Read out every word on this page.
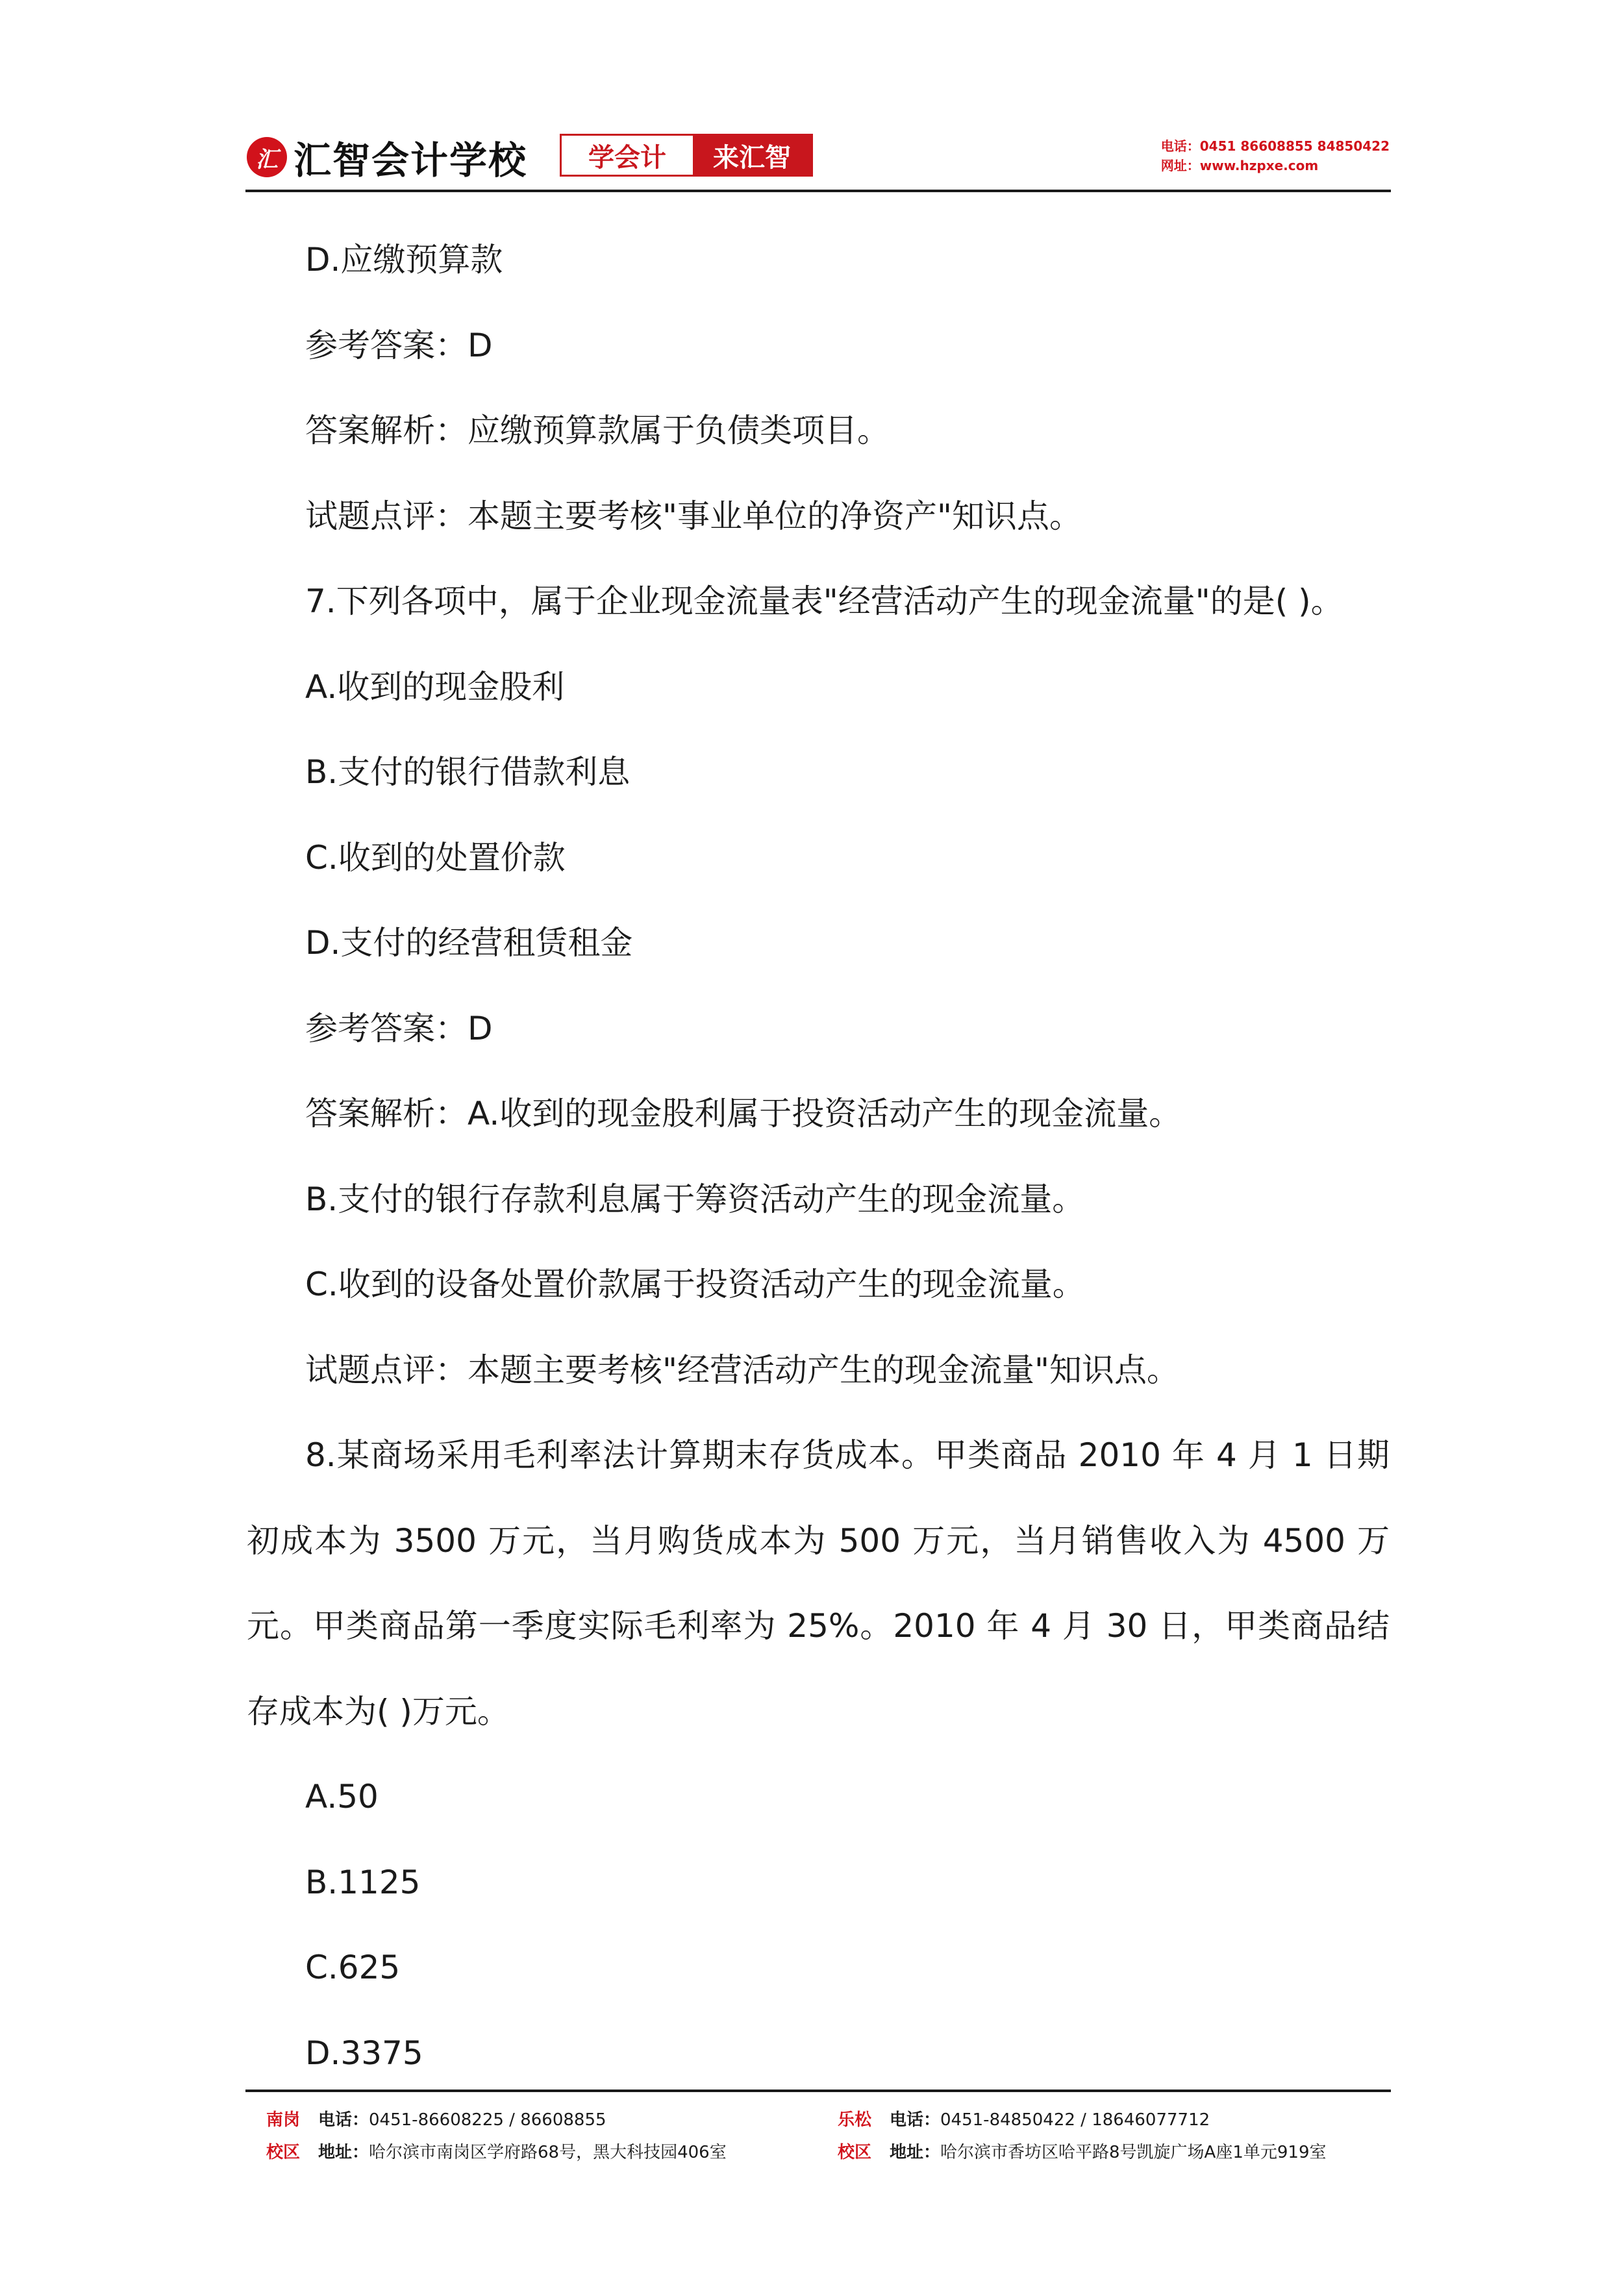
汇 汇智会计学校	学会计	来汇智	电话：0451 86608855 84850422
网址：www.hzpxe.com
D.应缴预算款
参考答案：D
答案解析：应缴预算款属于负债类项目。
试题点评：本题主要考核"事业单位的净资产"知识点。
7.下列各项中，属于企业现金流量表"经营活动产生的现金流量"的是( )。
A.收到的现金股利
B.支付的银行借款利息
C.收到的处置价款
D.支付的经营租赁租金
参考答案：D
答案解析：A.收到的现金股利属于投资活动产生的现金流量。
B.支付的银行存款利息属于筹资活动产生的现金流量。
C.收到的设备处置价款属于投资活动产生的现金流量。
试题点评：本题主要考核"经营活动产生的现金流量"知识点。
8.某商场采用毛利率法计算期末存货成本。甲类商品 2010 年 4 月 1 日期初成本为 3500 万元，当月购货成本为 500 万元，当月销售收入为 4500 万元。甲类商品第一季度实际毛利率为 25%。2010 年 4 月 30 日，甲类商品结存成本为( )万元。
A.50
B.1125
C.625
D.3375
南岗 电话：0451-86608225 / 86608855
校区 地址：哈尔滨市南岗区学府路68号，黑大科技园406室
乐松 电话：0451-84850422 / 18646077712
校区 地址：哈尔滨市香坊区哈平路8号凯旋广场A座1单元919室
